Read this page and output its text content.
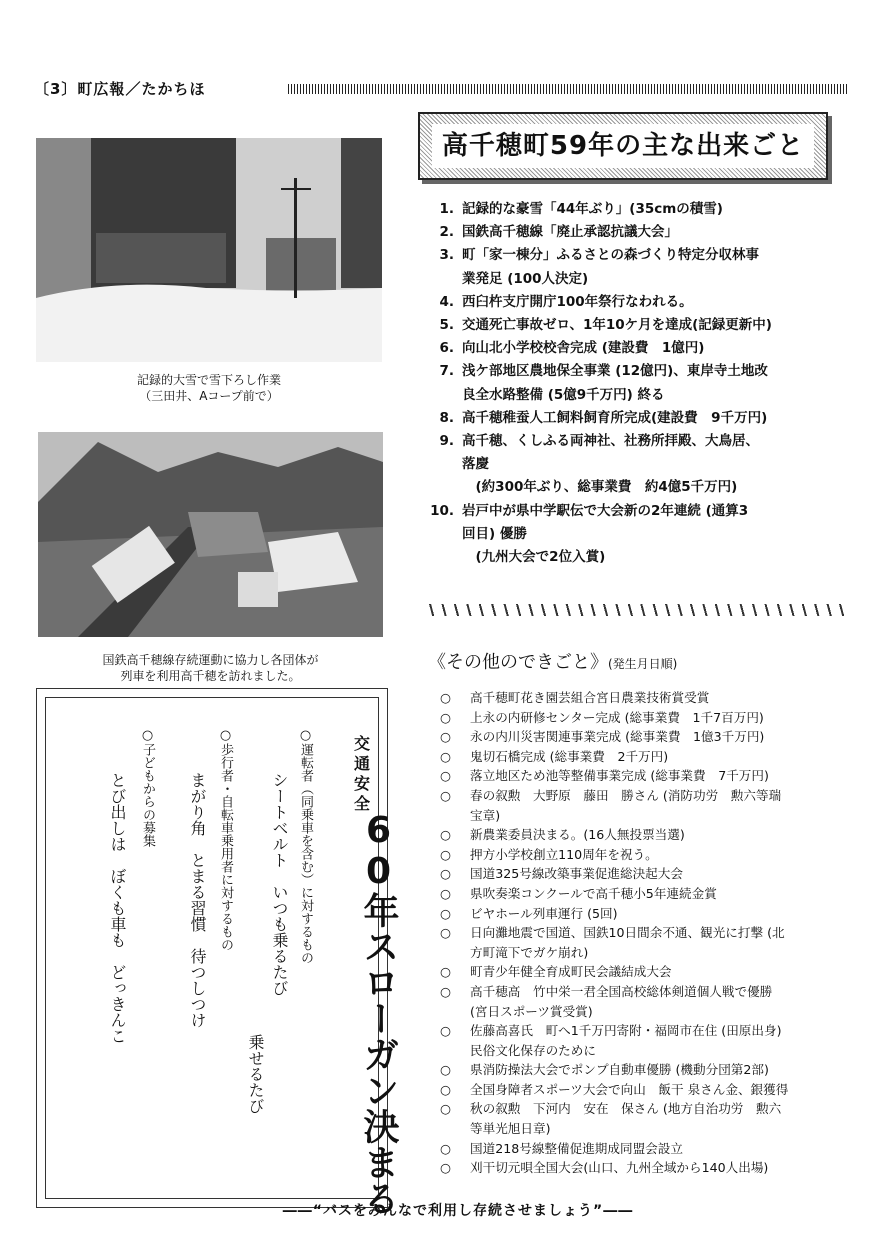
〔3〕町広報／たかちほ
記録的大雪で雪下ろし作業
（三田井、Aコープ前で）
国鉄高千穂線存続運動に協力し各団体が
列車を利用高千穂を訪れました。
高千穂町59年の主な出来ごと
1. 記録的な豪雪「44年ぶり」(35cmの積雪)
2. 国鉄高千穂線「廃止承認抗議大会」
3. 町「家一棟分」ふるさとの森づくり特定分収林事
業発足 (100人決定)
4. 西臼杵支庁開庁100年祭行なわれる。
5. 交通死亡事故ゼロ、1年10ケ月を達成(記録更新中)
6. 向山北小学校校舎完成 (建設費　1億円)
7. 浅ケ部地区農地保全事業 (12億円)、東岸寺土地改
良全水路整備 (5億9千万円) 終る
8. 高千穂稚蚕人工飼料飼育所完成(建設費　9千万円)
9. 高千穂、くしふる両神社、社務所拝殿、大鳥居、
落慶
　(約300年ぶり、総事業費　約4億5千万円)
10. 岩戸中が県中学駅伝で大会新の2年連続 (通算3
回目) 優勝
　(九州大会で2位入賞)
《その他のできごと》(発生月日順)
○	高千穂町花き園芸組合宮日農業技術賞受賞
○	上永の内研修センター完成 (総事業費　1千7百万円)
○	永の内川災害関連事業完成 (総事業費　1億3千万円)
○	鬼切石橋完成 (総事業費　2千万円)
○	落立地区ため池等整備事業完成 (総事業費　7千万円)
○	春の叙勲　大野原　藤田　勝さん (消防功労　勲六等瑞
宝章)
○	新農業委員決まる。(16人無投票当選)
○	押方小学校創立110周年を祝う。
○	国道325号線改築事業促進総決起大会
○	県吹奏楽コンクールで高千穂小5年連続金賞
○	ビヤホール列車運行 (5回)
○	日向灘地震で国道、国鉄10日間余不通、観光に打撃 (北
方町滝下でガケ崩れ)
○	町青少年健全育成町民会議結成大会
○	高千穂高　竹中栄一君全国高校総体剣道個人戦で優勝
(宮日スポーツ賞受賞)
○	佐藤高喜氏　町へ1千万円寄附・福岡市在住 (田原出身)
民俗文化保存のために
○	県消防操法大会でポンプ自動車優勝 (機動分団第2部)
○	全国身障者スポーツ大会で向山　飯干 泉さん金、銀獲得
○	秋の叙勲　下河内　安在　保さん (地方自治功労　勲六
等単光旭日章)
○	国道218号線整備促進期成同盟会設立
○	刈干切元唄全国大会(山口、九州全域から140人出場)
交　通
安　全
60年スローガン決まる
○運転者（同乗車を含む）に対するもの
シートベルト　いつも乗るたび
乗せるたび
○歩行者・自転車乗用者に対するもの
まがり角　とまる習慣　待つしつけ
○子どもからの募集
とび出しは　ぼくも車も　どっきんこ
――“バスをみんなで利用し存続させましょう”――
